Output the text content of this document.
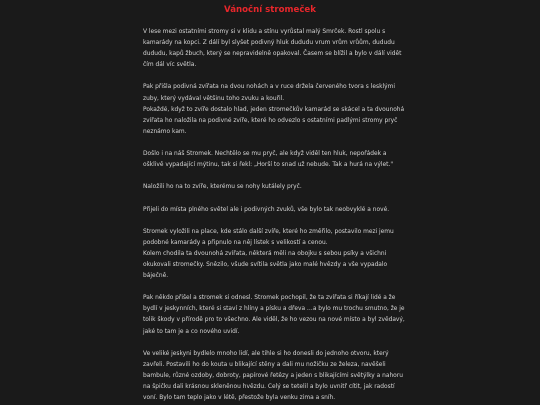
Vánoční stromeček

V lese mezi ostatními stromy si v klidu a stínu vyrůstal malý Smrček. Rostl spolu s kamarády na kopci. Z dálí byl slyšet podivný hluk dududu vrum vrům vrůům, dududu dududu, kapů žbuch, který se nepravidelně opakoval. Časem se blížil a bylo v dálí vidět čím dál víc světla.

Pak přišla podivná zvířata na dvou nohách a v ruce držela červeného tvora s lesklými zuby, který vydával většinu toho zvuku a kouřil.
Pokaždé, když to zvíře dostalo hlad, jeden stromečkův kamarád se skácel a ta dvounohá zvířata ho naložila na podivné zvíře, které ho odvezlo s ostatními padlými stromy pryč neznámo kam.

Došlo i na náš Stromek. Nechtělo se mu pryč, ale když viděl ten hluk, nepořádek a ošklivě vypadající mýtinu, tak si řekl: „Horší to snad už nebude. Tak a hurá na výlet."

Naložili ho na to zvíře, kterému se nohy kutálely pryč.

Přijeli do místa plného světel ale i podivných zvuků, vše bylo tak neobvyklé a nové.

Stromek vyložili na place, kde stálo další zvíře, které ho změřilo, postavilo mezi jemu podobné kamarády a připnulo na něj lístek s velikostí a cenou.
Kolem chodila ta dvounohá zvířata, některá měli na obojku s sebou psíky a všichni okukovali stromečky. Snězilo, všude svítila světla jako malé hvězdy a vše vypadalo báječně.

Pak někdo přišel a stromek si odnesl. Stromek pochopil, že ta zvířata si říkají lidé a že bydlí v jeskynních, které si staví z hlíny a písku a dřeva …a bylo mu trochu smutno, že je tolik škody v přírodě pro to všechno. Ale viděl, že ho vezou na nové místo a byl zvědavý, jaké to tam je a co nového uvidí.

Ve veliké jeskyni bydlelo mnoho lidí, ale tihle si ho donesli do jednoho otvoru, který zavřeli. Postavili ho do kouta u blikající stěny a dali mu nožičku ze železa, navěšeli bambule, různé ozdoby, dobroty, papírové řetězy a jeden s blikajícími světýlky a nahoru na špičku dali krásnou skleněnou hvězdu. Celý se tetelil a bylo uvnitř cítit, jak radostí voní. Bylo tam teplo jako v létě, přestože byla venku zima a sníh.
